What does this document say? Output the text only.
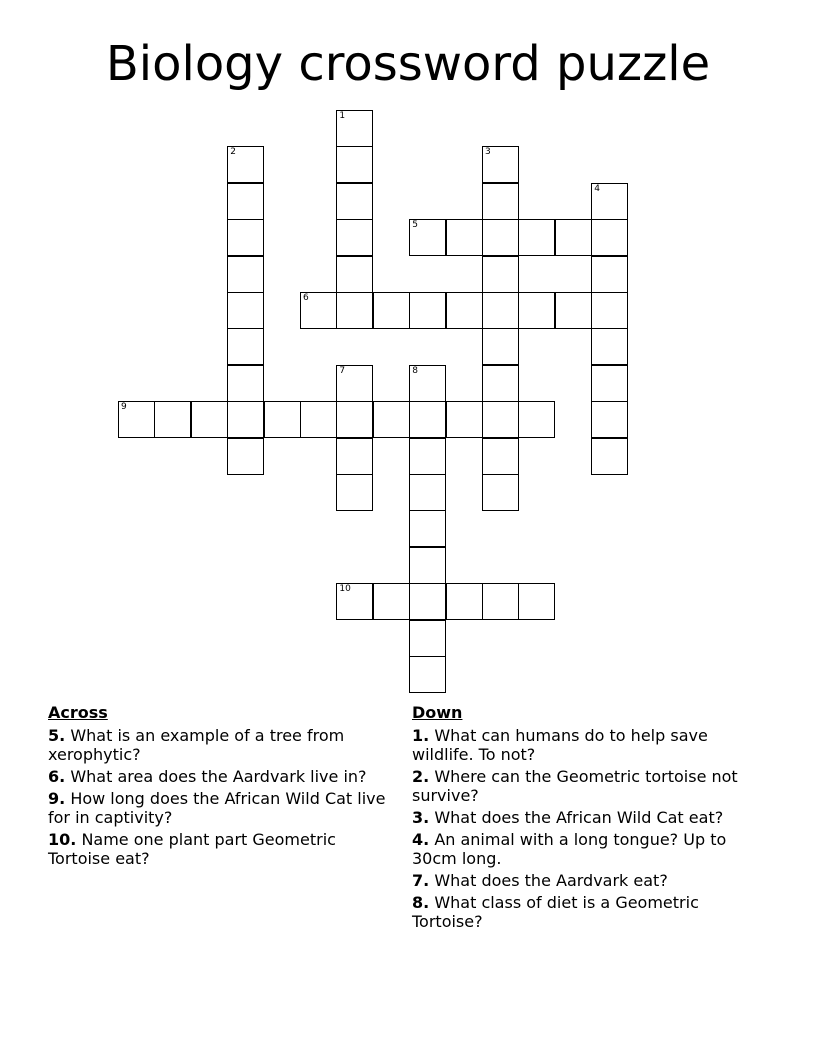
Biology crossword puzzle
1
2	3
4
5
6
7	8
9
10
Across
5. What is an example of a tree from xerophytic?
6. What area does the Aardvark live in?
9. How long does the African Wild Cat live for in captivity?
10. Name one plant part Geometric Tortoise eat?
Down
1. What can humans do to help save wildlife. To not?
2. Where can the Geometric tortoise not survive?
3. What does the African Wild Cat eat?
4. An animal with a long tongue? Up to 30cm long.
7. What does the Aardvark eat?
8. What class of diet is a Geometric Tortoise?
